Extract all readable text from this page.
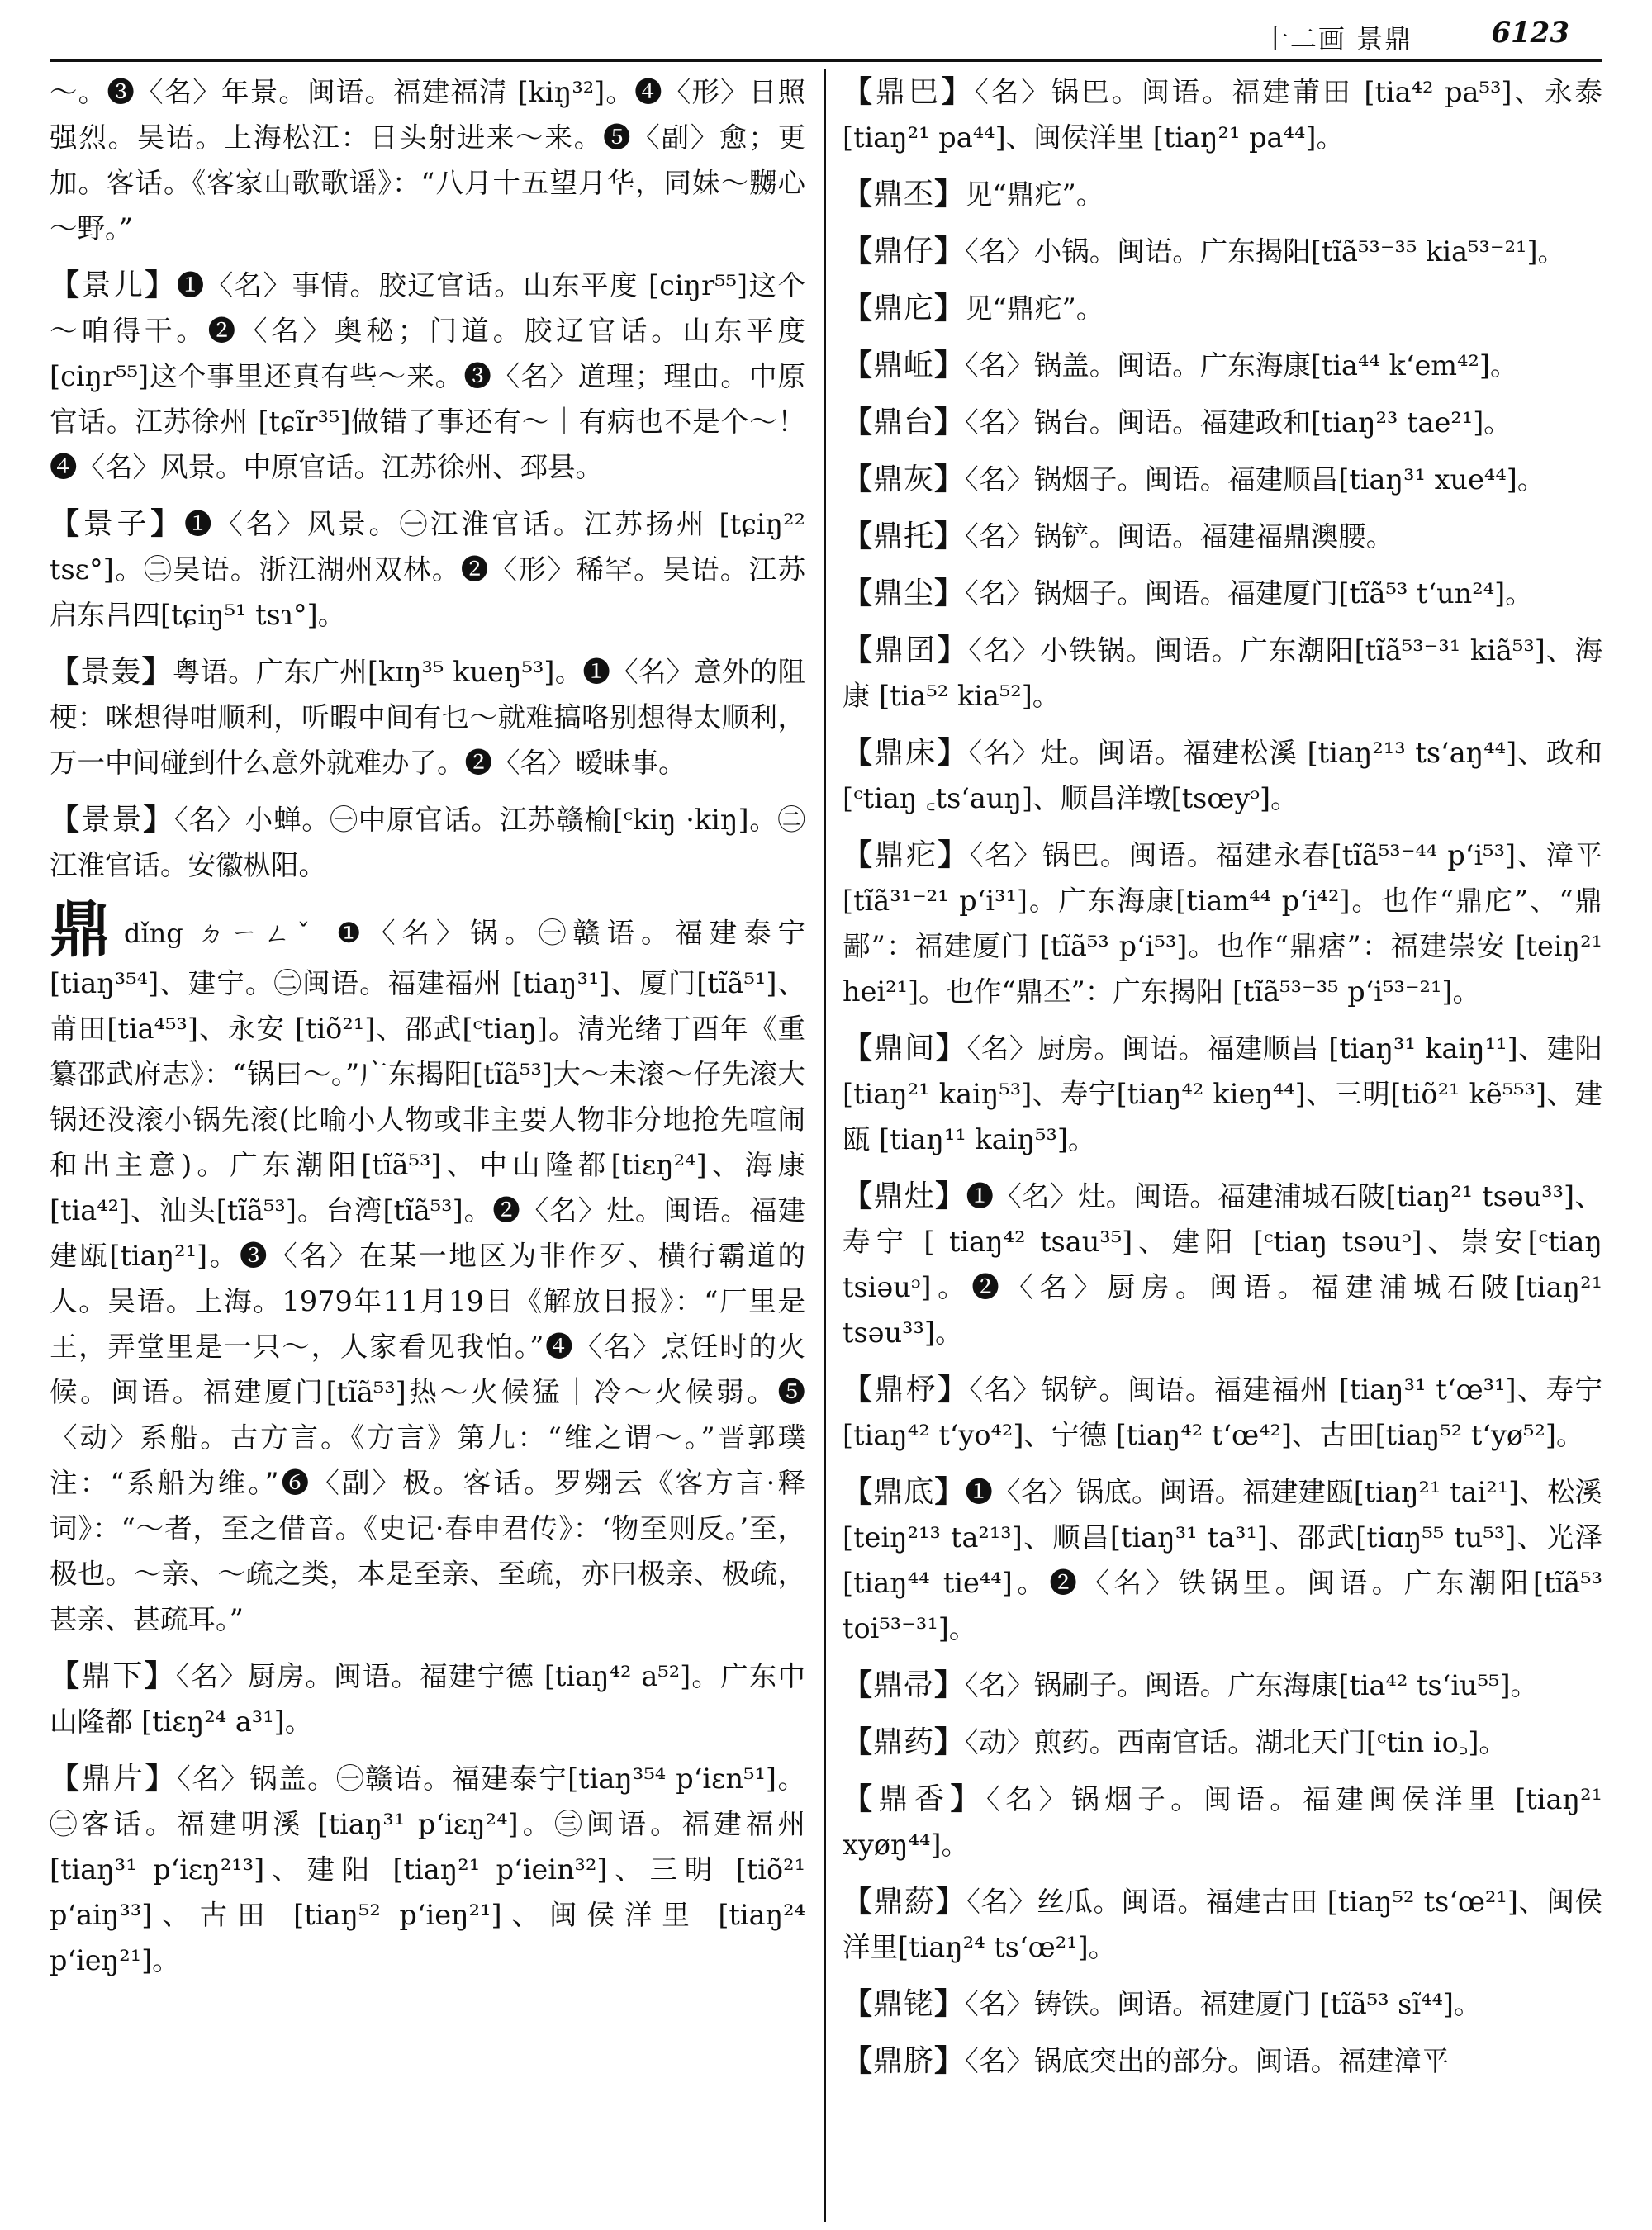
十二画 景鼎	6123

～。❸〈名〉年景。闽语。福建福清 [kiŋ³²]。❹〈形〉日照强烈。吴语。上海松江：日头射进来～来。❺〈副〉愈；更加。客话。《客家山歌歌谣》：“八月十五望月华，同妹～嬲心～野。”

【景儿】❶〈名〉事情。胶辽官话。山东平度 [ciŋr⁵⁵]这个～咱得干。❷〈名〉奥秘；门道。胶辽官话。山东平度[ciŋr⁵⁵]这个事里还真有些～来。❸〈名〉道理；理由。中原官话。江苏徐州 [tɕĩr³⁵]做错了事还有～｜有病也不是个～！❹〈名〉风景。中原官话。江苏徐州、邳县。

【景子】❶〈名〉风景。㊀江淮官话。江苏扬州 [tɕiŋ²² tsɛ°]。㊁吴语。浙江湖州双林。❷〈形〉稀罕。吴语。江苏启东吕四[tɕiŋ⁵¹ tsɿ°]。

【景轰】粤语。广东广州[kɪŋ³⁵ kueŋ⁵³]。❶〈名〉意外的阻梗：咪想得咁顺利，听暇中间有乜～就难搞咯别想得太顺利，万一中间碰到什么意外就难办了。❷〈名〉暧昧事。

【景景】〈名〉小蝉。㊀中原官话。江苏赣榆[ᶜkiŋ ·kiŋ]。㊁江淮官话。安徽枞阳。

鼎dǐng ㄉㄧㄥˇ ❶〈名〉锅。㊀赣语。福建泰宁[tiaŋ³⁵⁴]、建宁。㊁闽语。福建福州 [tiaŋ³¹]、厦门[tĩã⁵¹]、莆田[tia⁴⁵³]、永安 [tiõ²¹]、邵武[ᶜtiaŋ]。清光绪丁酉年《重纂邵武府志》：“锅曰～。”广东揭阳[tĩã⁵³]大～未滚～仔先滚大锅还没滚小锅先滚(比喻小人物或非主要人物非分地抢先喧闹和出主意)。广东潮阳[tĩã⁵³]、中山隆都[tiɛŋ²⁴]、海康[tia⁴²]、汕头[tĩã⁵³]。台湾[tĩã⁵³]。❷〈名〉灶。闽语。福建建瓯[tiaŋ²¹]。❸〈名〉在某一地区为非作歹、横行霸道的人。吴语。上海。1979年11月19日《解放日报》：“厂里是王，弄堂里是一只～，人家看见我怕。”❹〈名〉烹饪时的火候。闽语。福建厦门[tĩã⁵³]热～火候猛｜冷～火候弱。❺〈动〉系船。古方言。《方言》第九：“维之谓～。”晋郭璞注：“系船为维。”❻〈副〉极。客话。罗翙云《客方言·释词》：“～者，至之借音。《史记·春申君传》：‘物至则反。’至，极也。～亲、～疏之类，本是至亲、至疏，亦曰极亲、极疏，甚亲、甚疏耳。”

【鼎下】〈名〉厨房。闽语。福建宁德 [tiaŋ⁴² a⁵²]。广东中山隆都 [tiɛŋ²⁴ a³¹]。

【鼎片】〈名〉锅盖。㊀赣语。福建泰宁[tiaŋ³⁵⁴ pʻiɛn⁵¹]。㊁客话。福建明溪 [tiaŋ³¹ pʻiɛŋ²⁴]。㊂闽语。福建福州 [tiaŋ³¹ pʻiɛŋ²¹³]、建阳 [tiaŋ²¹ pʻiein³²]、三明 [tiõ²¹ pʻaiŋ³³]、古田 [tiaŋ⁵² pʻieŋ²¹]、闽侯洋里 [tiaŋ²⁴ pʻieŋ²¹]。

【鼎巴】〈名〉锅巴。闽语。福建莆田 [tia⁴² pa⁵³]、永泰[tiaŋ²¹ pa⁴⁴]、闽侯洋里 [tiaŋ²¹ pa⁴⁴]。

【鼎丕】见“鼎疕”。

【鼎仔】〈名〉小锅。闽语。广东揭阳[tĩã⁵³⁻³⁵ kia⁵³⁻²¹]。

【鼎庀】见“鼎疕”。

【鼎岴】〈名〉锅盖。闽语。广东海康[tia⁴⁴ kʻem⁴²]。

【鼎台】〈名〉锅台。闽语。福建政和[tiaŋ²³ tae²¹]。

【鼎灰】〈名〉锅烟子。闽语。福建顺昌[tiaŋ³¹ xue⁴⁴]。

【鼎托】〈名〉锅铲。闽语。福建福鼎澳腰。

【鼎尘】〈名〉锅烟子。闽语。福建厦门[tĩã⁵³ tʻun²⁴]。

【鼎囝】〈名〉小铁锅。闽语。广东潮阳[tĩã⁵³⁻³¹ kiã⁵³]、海康 [tia⁵² kia⁵²]。

【鼎床】〈名〉灶。闽语。福建松溪 [tiaŋ²¹³ tsʻaŋ⁴⁴]、政和[ᶜtiaŋ ꜀tsʻauŋ]、顺昌洋墩[tsœyᵓ]。

【鼎疕】〈名〉锅巴。闽语。福建永春[tĩã⁵³⁻⁴⁴ pʻi⁵³]、漳平[tĩã³¹⁻²¹ pʻi³¹]。广东海康[tiam⁴⁴ pʻi⁴²]。也作“鼎庀”、“鼎鄙”：福建厦门 [tĩã⁵³ pʻi⁵³]。也作“鼎痞”：福建崇安 [teiŋ²¹ hei²¹]。也作“鼎丕”：广东揭阳 [tĩã⁵³⁻³⁵ pʻi⁵³⁻²¹]。

【鼎间】〈名〉厨房。闽语。福建顺昌 [tiaŋ³¹ kaiŋ¹¹]、建阳 [tiaŋ²¹ kaiŋ⁵³]、寿宁[tiaŋ⁴² kieŋ⁴⁴]、三明[tiõ²¹ kẽ⁵⁵³]、建瓯 [tiaŋ¹¹ kaiŋ⁵³]。

【鼎灶】❶〈名〉灶。闽语。福建浦城石陂[tiaŋ²¹ tsəu³³]、寿宁 [ tiaŋ⁴² tsau³⁵]、建阳 [ᶜtiaŋ tsəuᵓ]、崇安[ᶜtiaŋ tsiəuᵓ]。❷〈名〉厨房。闽语。福建浦城石陂[tiaŋ²¹ tsəu³³]。

【鼎杼】〈名〉锅铲。闽语。福建福州 [tiaŋ³¹ tʻœ³¹]、寿宁 [tiaŋ⁴² tʻyo⁴²]、宁德 [tiaŋ⁴² tʻœ⁴²]、古田[tiaŋ⁵² tʻyø⁵²]。

【鼎底】❶〈名〉锅底。闽语。福建建瓯[tiaŋ²¹ tai²¹]、松溪[teiŋ²¹³ ta²¹³]、顺昌[tiaŋ³¹ ta³¹]、邵武[tiɑŋ⁵⁵ tu⁵³]、光泽 [tiaŋ⁴⁴ tie⁴⁴]。❷〈名〉铁锅里。闽语。广东潮阳[tĩã⁵³ toi⁵³⁻³¹]。

【鼎帚】〈名〉锅刷子。闽语。广东海康[tia⁴² tsʻiu⁵⁵]。

【鼎药】〈动〉煎药。西南官话。湖北天门[ᶜtin io꜆]。

【鼎香】〈名〉锅烟子。闽语。福建闽侯洋里 [tiaŋ²¹ xyøŋ⁴⁴]。

【鼎蒶】〈名〉丝瓜。闽语。福建古田 [tiaŋ⁵² tsʻœ²¹]、闽侯洋里[tiaŋ²⁴ tsʻœ²¹]。

【鼎铑】〈名〉铸铁。闽语。福建厦门 [tĩã⁵³ sĩ⁴⁴]。

【鼎脐】〈名〉锅底突出的部分。闽语。福建漳平
